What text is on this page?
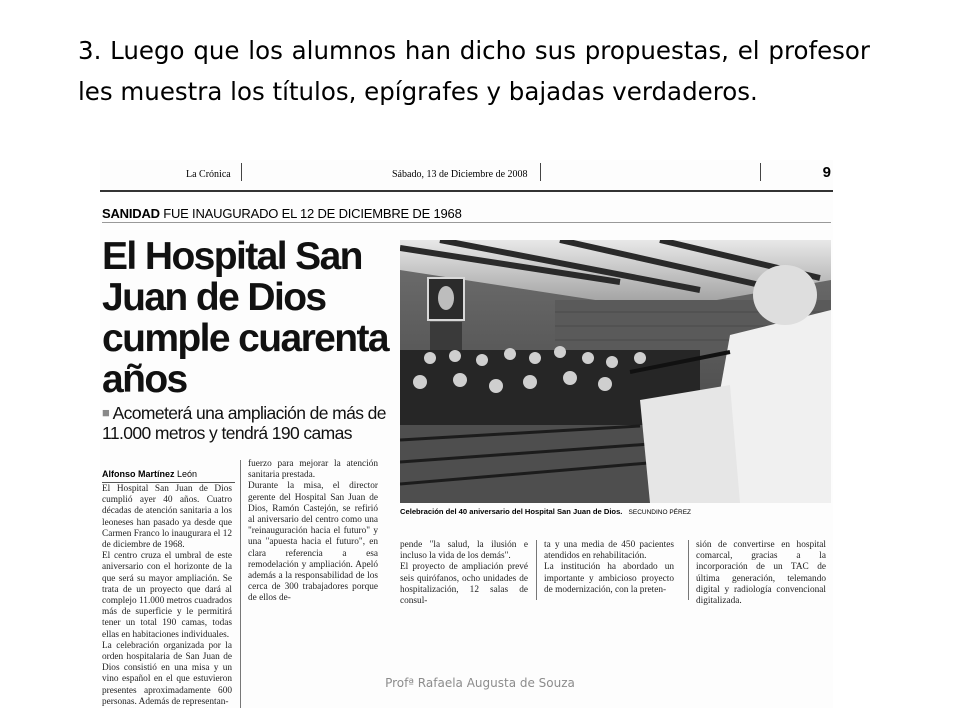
3. Luego que los alumnos han dicho sus propuestas, el profesor les muestra los títulos, epígrafes y bajadas verdaderos.
La Crónica	Sábado, 13 de Diciembre de 2008	9
SANIDAD FUE INAUGURADO EL 12 DE DICIEMBRE DE 1968
El Hospital San Juan de Dios cumple cuarenta años
■ Acometerá una ampliación de más de 11.000 metros y tendrá 190 camas
Alfonso Martínez León
El Hospital San Juan de Dios cumplió ayer 40 años. Cuatro décadas de atención sanitaria a los leoneses han pasado ya desde que Carmen Franco lo inaugurara el 12 de diciembre de 1968.
El centro cruza el umbral de este aniversario con el horizonte de la que será su mayor ampliación. Se trata de un proyecto que dará al complejo 11.000 metros cuadrados más de superficie y le permitirá tener un total 190 camas, todas ellas en habitaciones individuales.
La celebración organizada por la orden hospitalaria de San Juan de Dios consistió en una misa y un vino español en el que estuvieron presentes aproximadamente 600 personas. Además de representan-
fuerzo para mejorar la atención sanitaria prestada.
Durante la misa, el director gerente del Hospital San Juan de Dios, Ramón Castejón, se refirió al aniversario del centro como una "reinauguración hacia el futuro" y una "apuesta hacia el futuro", en clara referencia a esa remodelación y ampliación. Apeló además a la responsabilidad de los cerca de 300 trabajadores porque de ellos de-
pende "la salud, la ilusión e incluso la vida de los demás".
El proyecto de ampliación prevé seis quirófanos, ocho unidades de hospitalización, 12 salas de consul-
ta y una media de 450 pacientes atendidos en rehabilitación.
La institución ha abordado un importante y ambicioso proyecto de modernización, con la preten-
sión de convertirse en hospital comarcal, gracias a la incorporación de un TAC de última generación, telemando digital y radiología convencional digitalizada.
Celebración del 40 aniversario del Hospital San Juan de Dios. SECUNDINO PÉREZ
Profª Rafaela Augusta de Souza
